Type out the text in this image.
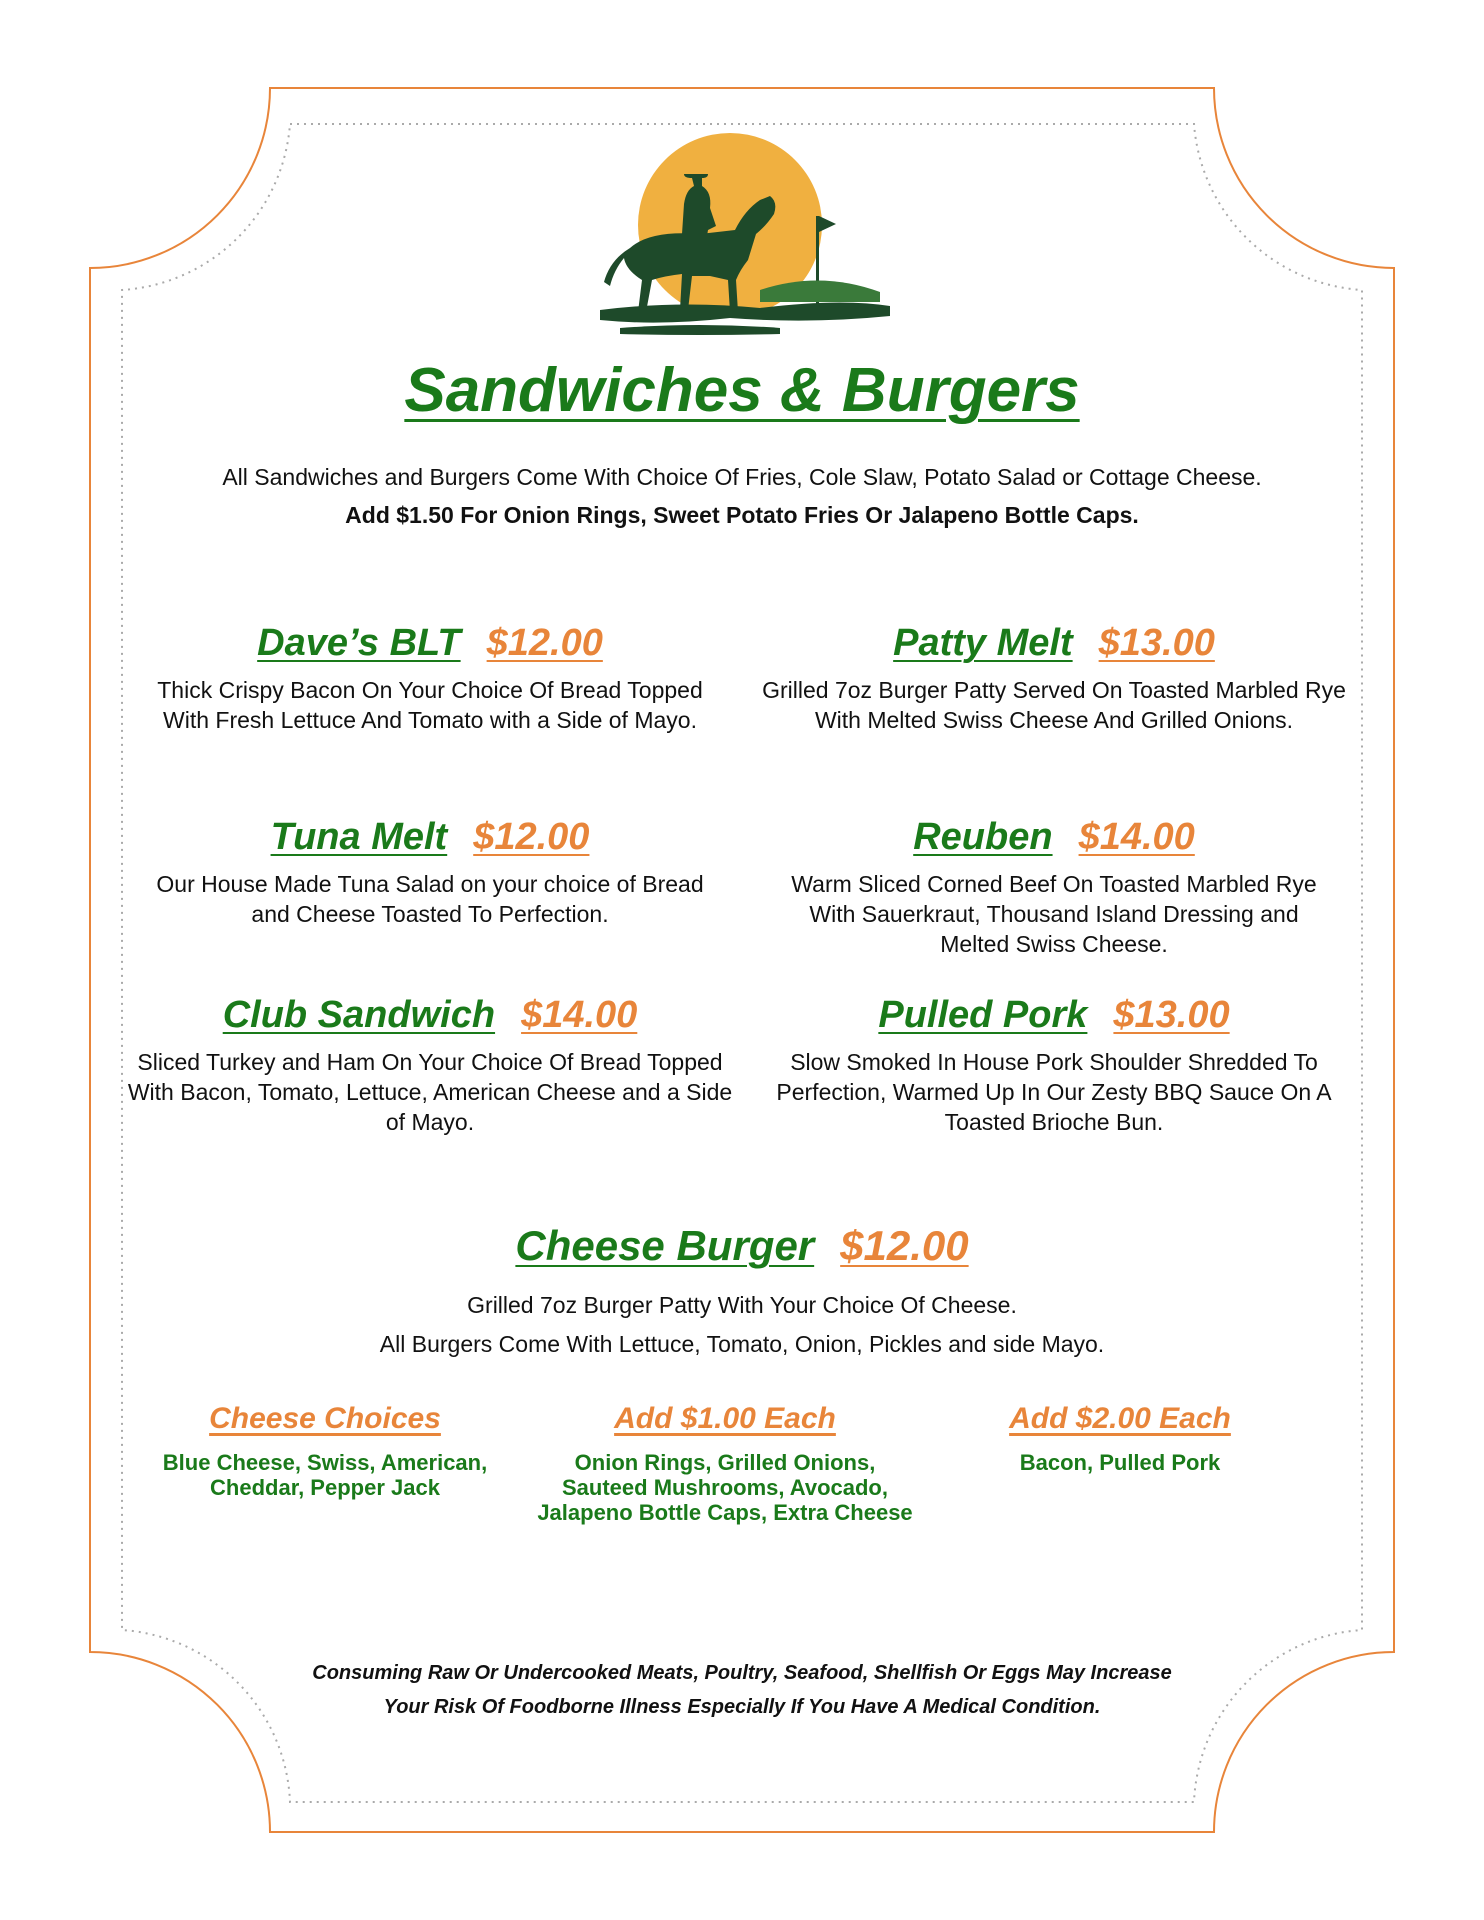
Sandwiches & Burgers
All Sandwiches and Burgers Come With Choice Of Fries, Cole Slaw, Potato Salad or Cottage Cheese.
Add $1.50 For Onion Rings, Sweet Potato Fries Or Jalapeno Bottle Caps.
Dave’s BLT $12.00
Thick Crispy Bacon On Your Choice Of Bread Topped With Fresh Lettuce And Tomato with a Side of Mayo.
Patty Melt $13.00
Grilled 7oz Burger Patty Served On Toasted Marbled Rye With Melted Swiss Cheese And Grilled Onions.
Tuna Melt $12.00
Our House Made Tuna Salad on your choice of Bread and Cheese Toasted To Perfection.
Reuben $14.00
Warm Sliced Corned Beef On Toasted Marbled Rye With Sauerkraut, Thousand Island Dressing and Melted Swiss Cheese.
Club Sandwich $14.00
Sliced Turkey and Ham On Your Choice Of Bread Topped With Bacon, Tomato, Lettuce, American Cheese and a Side of Mayo.
Pulled Pork $13.00
Slow Smoked In House Pork Shoulder Shredded To Perfection, Warmed Up In Our Zesty BBQ Sauce On A Toasted Brioche Bun.
Cheese Burger $12.00
Grilled 7oz Burger Patty With Your Choice Of Cheese.
All Burgers Come With Lettuce, Tomato, Onion, Pickles and side Mayo.
Cheese Choices
Blue Cheese, Swiss, American, Cheddar, Pepper Jack
Add $1.00 Each
Onion Rings, Grilled Onions, Sauteed Mushrooms, Avocado, Jalapeno Bottle Caps, Extra Cheese
Add $2.00 Each
Bacon, Pulled Pork
Consuming Raw Or Undercooked Meats, Poultry, Seafood, Shellfish Or Eggs May Increase Your Risk Of Foodborne Illness Especially If You Have A Medical Condition.
